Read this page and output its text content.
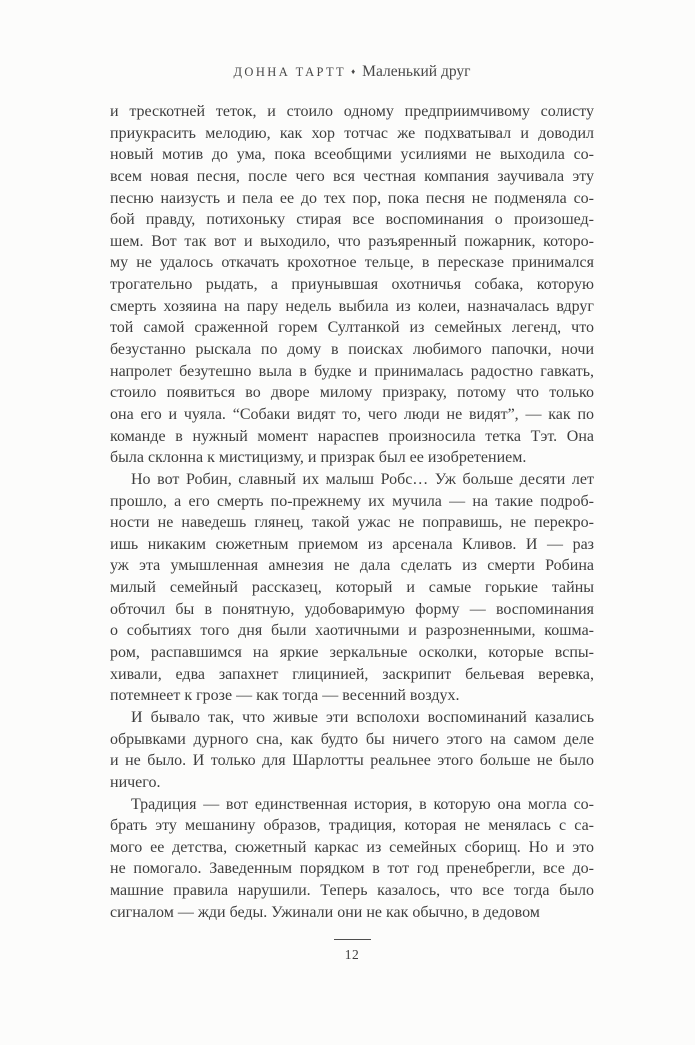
ДОННА ТАРТТ ♦ Маленький друг
и трескотней теток, и стоило одному предприимчивому солисту
приукрасить мелодию, как хор тотчас же подхватывал и доводил
новый мотив до ума, пока всеобщими усилиями не выходила со-
всем новая песня, после чего вся честная компания заучивала эту
песню наизусть и пела ее до тех пор, пока песня не подменяла со-
бой правду, потихоньку стирая все воспоминания о произошед-
шем. Вот так вот и выходило, что разъяренный пожарник, которо-
му не удалось откачать крохотное тельце, в пересказе принимался
трогательно рыдать, а приунывшая охотничья собака, которую
смерть хозяина на пару недель выбила из колеи, назначалась вдруг
той самой сраженной горем Султанкой из семейных легенд, что
безустанно рыскала по дому в поисках любимого папочки, ночи
напролет безутешно выла в будке и принималась радостно гавкать,
стоило появиться во дворе милому призраку, потому что только
она его и чуяла. “Собаки видят то, чего люди не видят”, — как по
команде в нужный момент нараспев произносила тетка Тэт. Она
была склонна к мистицизму, и призрак был ее изобретением.
Но вот Робин, славный их малыш Робс… Уж больше десяти лет
прошло, а его смерть по-прежнему их мучила — на такие подроб-
ности не наведешь глянец, такой ужас не поправишь, не перекро-
ишь никаким сюжетным приемом из арсенала Кливов. И — раз
уж эта умышленная амнезия не дала сделать из смерти Робина
милый семейный рассказец, который и самые горькие тайны
обточил бы в понятную, удобоваримую форму — воспоминания
о событиях того дня были хаотичными и разрозненными, кошма-
ром, распавшимся на яркие зеркальные осколки, которые вспы-
хивали, едва запахнет глицинией, заскрипит бельевая веревка,
потемнеет к грозе — как тогда — весенний воздух.
И бывало так, что живые эти всполохи воспоминаний казались
обрывками дурного сна, как будто бы ничего этого на самом деле
и не было. И только для Шарлотты реальнее этого больше не было
ничего.
Традиция — вот единственная история, в которую она могла со-
брать эту мешанину образов, традиция, которая не менялась с са-
мого ее детства, сюжетный каркас из семейных сборищ. Но и это
не помогало. Заведенным порядком в тот год пренебрегли, все до-
машние правила нарушили. Теперь казалось, что все тогда было
сигналом — жди беды. Ужинали они не как обычно, в дедовом
12
